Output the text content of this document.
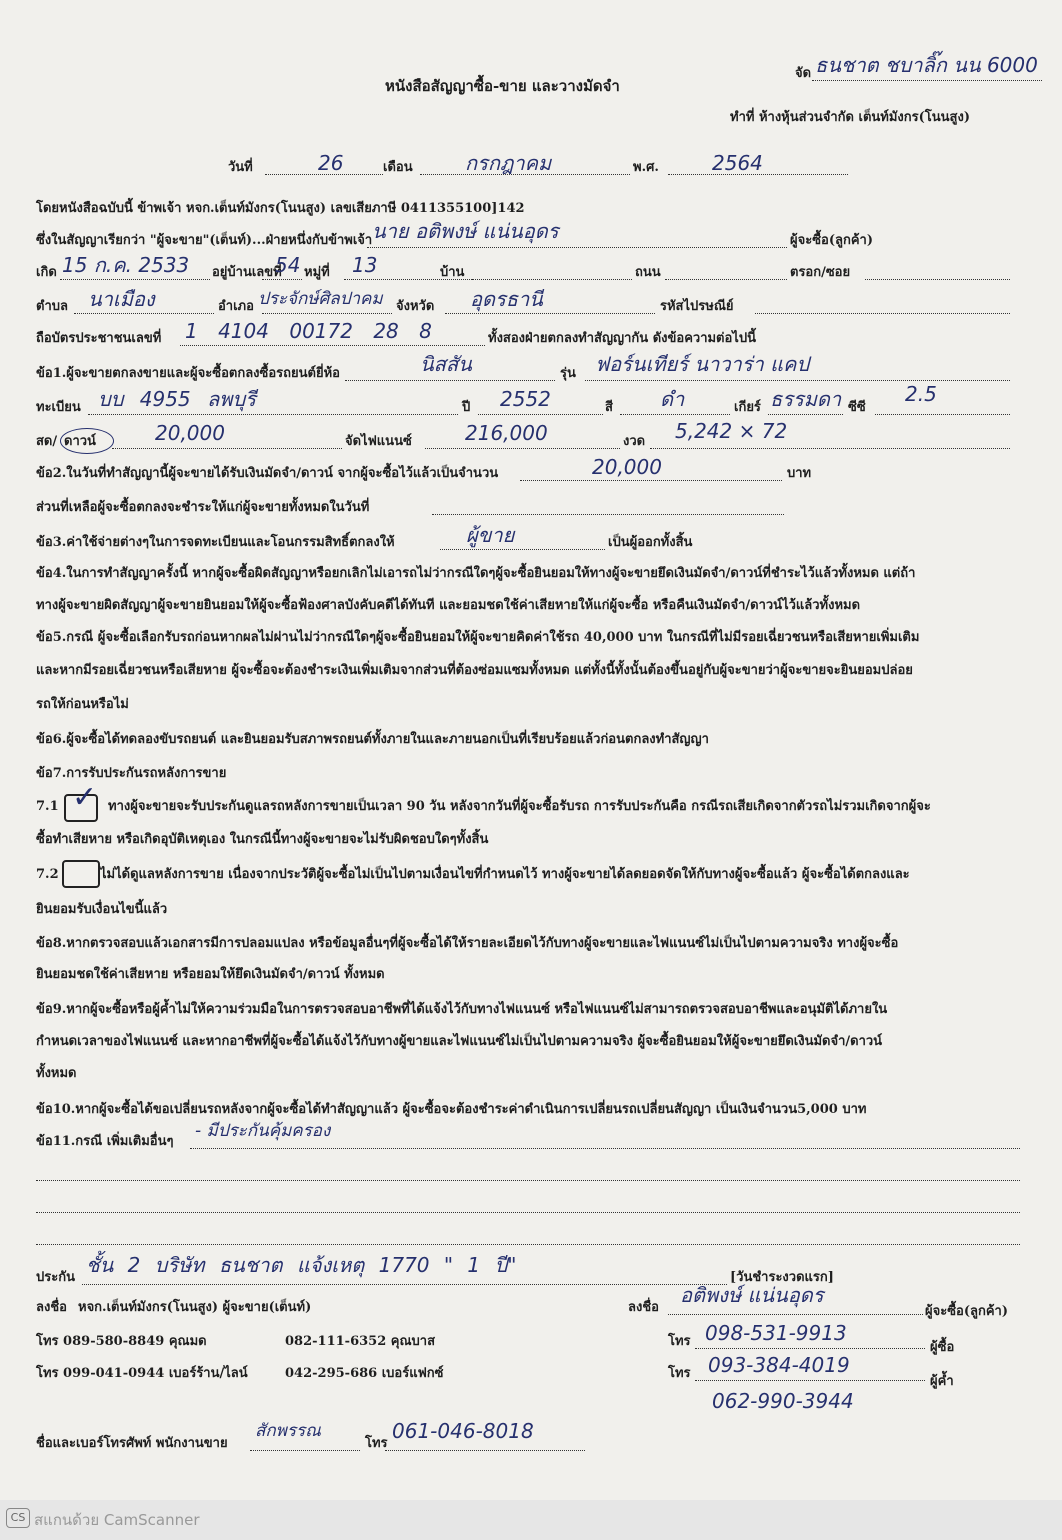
หนังสือสัญญาซื้อ-ขาย และวางมัดจำ
จัด ธนชาต ชบาลิ๊ก นน 6000
ทำที่ ห้างหุ้นส่วนจำกัด เต็นท์มังกร(โนนสูง)
วันที่	26	เดือน	กรกฎาคม	พ.ศ.	2564
โดยหนังสือฉบับนี้ ข้าพเจ้า หจก.เต็นท์มังกร(โนนสูง) เลขเสียภาษี 0411355100]142
ซึ่งในสัญญาเรียกว่า "ผู้จะขาย"(เต็นท์)...ฝ่ายหนึ่งกับข้าพเจ้า นาย อติพงษ์ แน่นอุดร	ผู้จะซื้อ(ลูกค้า)
เกิด 15 ก.ค. 2533 อยู่บ้านเลขที่
54 หมู่ที่ 13	บ้าน	ถนน	ตรอก/ซอย
ตำบล นาเมือง	อำเภอ ประจักษ์ศิลปาคม จังหวัด อุดรธานี	รหัสไปรษณีย์
ถือบัตรประชาชนเลขที่ 1 4104 00172 28 8	ทั้งสองฝ่ายตกลงทำสัญญากัน ดังข้อความต่อไปนี้
ข้อ1.ผู้จะขายตกลงขายและผู้จะซื้อตกลงซื้อรถยนต์ยี่ห้อ	นิสสัน	รุ่น ฟอร์นเทียร์ นาวาร่า แคป
ทะเบียน บบ 4955 ลพบุรี	ปี 2552	สี ดำ	เกียร์ ธรรมดา ซีซี
2.5
สด/ ดาวน์	20,000	จัดไฟแนนซ์	216,000	งวด 5,242 × 72
ข้อ2.ในวันที่ทำสัญญานี้ผู้จะขายได้รับเงินมัดจำ/ดาวน์ จากผู้จะซื้อไว้แล้วเป็นจำนวน	20,000	บาท
ส่วนที่เหลือผู้จะซื้อตกลงจะชำระให้แก่ผู้จะขายทั้งหมดในวันที่
ข้อ3.ค่าใช้จ่ายต่างๆในการจดทะเบียนและโอนกรรมสิทธิ์ตกลงให้	ผู้ขาย	เป็นผู้ออกทั้งสิ้น
ข้อ4.ในการทำสัญญาครั้งนี้ หากผู้จะซื้อผิดสัญญาหรือยกเลิกไม่เอารถไม่ว่ากรณีใดๆผู้จะซื้อยินยอมให้ทางผู้จะขายยึดเงินมัดจำ/ดาวน์ที่ชำระไว้แล้วทั้งหมด แต่ถ้า
ทางผู้จะขายผิดสัญญาผู้จะขายยินยอมให้ผู้จะซื้อฟ้องศาลบังคับคดีได้ทันที และยอมชดใช้ค่าเสียหายให้แก่ผู้จะซื้อ หรือคืนเงินมัดจำ/ดาวน์ไว้แล้วทั้งหมด
ข้อ5.กรณี ผู้จะซื้อเลือกรับรถก่อนหากผลไม่ผ่านไม่ว่ากรณีใดๆผู้จะซื้อยินยอมให้ผู้จะขายคิดค่าใช้รถ 40,000 บาท ในกรณีที่ไม่มีรอยเฉี่ยวชนหรือเสียหายเพิ่มเติม
และหากมีรอยเฉี่ยวชนหรือเสียหาย ผู้จะซื้อจะต้องชำระเงินเพิ่มเติมจากส่วนที่ต้องซ่อมแซมทั้งหมด แต่ทั้งนี้ทั้งนั้นต้องขึ้นอยู่กับผู้จะขายว่าผู้จะขายจะยินยอมปล่อย
รถให้ก่อนหรือไม่
ข้อ6.ผู้จะซื้อได้ทดลองขับรถยนต์ และยินยอมรับสภาพรถยนต์ทั้งภายในและภายนอกเป็นที่เรียบร้อยแล้วก่อนตกลงทำสัญญา
ข้อ7.การรับประกันรถหลังการขาย
7.1 ✓ ทางผู้จะขายจะรับประกันดูแลรถหลังการขายเป็นเวลา 90 วัน หลังจากวันที่ผู้จะซื้อรับรถ การรับประกันคือ กรณีรถเสียเกิดจากตัวรถไม่รวมเกิดจากผู้จะ
ซื้อทำเสียหาย หรือเกิดอุบัติเหตุเอง ในกรณีนี้ทางผู้จะขายจะไม่รับผิดชอบใดๆทั้งสิ้น
7.2	ไม่ได้ดูแลหลังการขาย เนื่องจากประวัติผู้จะซื้อไม่เป็นไปตามเงื่อนไขที่กำหนดไว้ ทางผู้จะขายได้ลดยอดจัดให้กับทางผู้จะซื้อแล้ว ผู้จะซื้อได้ตกลงและ
ยินยอมรับเงื่อนไขนี้แล้ว
ข้อ8.หากตรวจสอบแล้วเอกสารมีการปลอมแปลง หรือข้อมูลอื่นๆที่ผู้จะซื้อได้ให้รายละเอียดไว้กับทางผู้จะขายและไฟแนนซ์ไม่เป็นไปตามความจริง ทางผู้จะซื้อ
ยินยอมชดใช้ค่าเสียหาย หรือยอมให้ยึดเงินมัดจำ/ดาวน์ ทั้งหมด
ข้อ9.หากผู้จะซื้อหรือผู้ค้ำไม่ให้ความร่วมมือในการตรวจสอบอาชีพที่ได้แจ้งไว้กับทางไฟแนนซ์ หรือไฟแนนซ์ไม่สามารถตรวจสอบอาชีพและอนุมัติได้ภายใน
กำหนดเวลาของไฟแนนซ์ และหากอาชีพที่ผู้จะซื้อได้แจ้งไว้กับทางผู้ขายและไฟแนนซ์ไม่เป็นไปตามความจริง ผู้จะซื้อยินยอมให้ผู้จะขายยึดเงินมัดจำ/ดาวน์
ทั้งหมด
ข้อ10.หากผู้จะซื้อได้ขอเปลี่ยนรถหลังจากผู้จะซื้อได้ทำสัญญาแล้ว ผู้จะซื้อจะต้องชำระค่าดำเนินการเปลี่ยนรถเปลี่ยนสัญญา เป็นเงินจำนวน5,000 บาท
ข้อ11.กรณี เพิ่มเติมอื่นๆ
- มีประกันคุ้มครอง
ประกัน
ชั้น 2 บริษัท ธนชาต แจ้งเหตุ 1770 " 1 ปี"
[วันชำระงวดแรก]
ลงชื่อ หจก.เต็นท์มังกร(โนนสูง) ผู้จะขาย(เต็นท์)	ลงชื่อ
อติพงษ์ แน่นอุดร
ผู้จะซื้อ(ลูกค้า)
โทร 089-580-8849 คุณมด	082-111-6352 คุณบาส
โทร 099-041-0944 เบอร์ร้าน/ไลน์	042-295-686 เบอร์แฟกซ์
โทร 098-531-9913
ผู้ซื้อ
โทร 093-384-4019
ผู้ค้ำ
062-990-3944
ชื่อและเบอร์โทรศัพท์ พนักงานขาย
สักพรรณ
โทร
061-046-8018
CS สแกนด้วย CamScanner
